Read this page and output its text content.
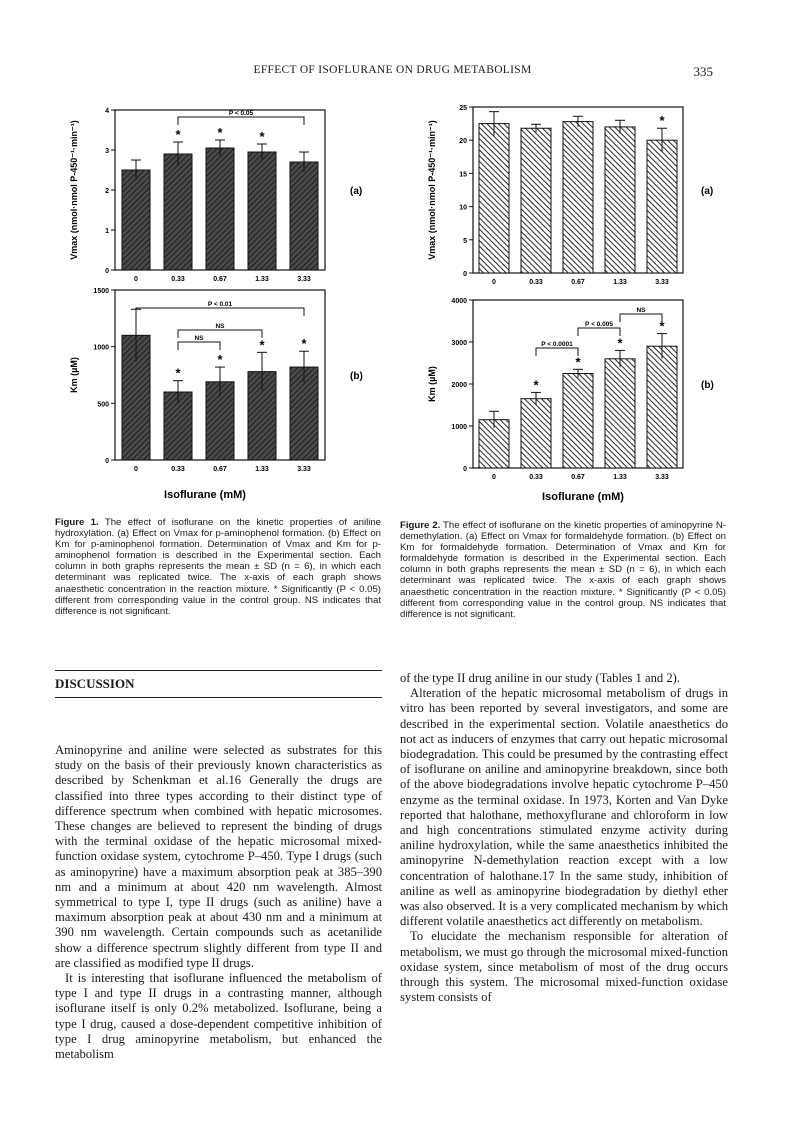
EFFECT OF ISOFLURANE ON DRUG METABOLISM	335
0
1
2
3
4
Vmax (nmol·nmol P-450⁻¹·min⁻¹)
0
*
0.33
*
0.67
*
1.33	3.33
(a)
P < 0.05
0
500
1000
1500
Km (µM)
0
*
0.33
*
0.67
*
1.33
*
3.33
(b)
P < 0.01
NS
NS
Isoflurane (mM)
0
5
10
15
20
25
Vmax (nmol·nmol P-450⁻¹·min⁻¹)
0	0.33	0.67	1.33
*
3.33
(a)
0
1000
2000
3000
4000
Km (µM)
0
*
0.33
*
0.67
*
1.33
*
3.33
(b)
NS
P < 0.005
P < 0.0001
Isoflurane (mM)
Figure 1. The effect of isoflurane on the kinetic properties of aniline hydroxylation. (a) Effect on Vmax for p-aminophenol formation. (b) Effect on Km for p-aminophenol formation. Determination of Vmax and Km for p-aminophenol formation is described in the Experimental section. Each column in both graphs represents the mean ± SD (n = 6), in which each determinant was replicated twice. The x-axis of each graph shows anaesthetic concentration in the reaction mixture. * Significantly (P < 0.05) different from corresponding value in the control group. NS indicates that difference is not significant.
Figure 2. The effect of isoflurane on the kinetic properties of aminopyrine N-demethylation. (a) Effect on Vmax for formaldehyde formation. (b) Effect on Km for formaldehyde formation. Determination of Vmax and Km for formaldehyde formation is described in the Experimental section. Each column in both graphs represents the mean ± SD (n = 6), in which each determinant was replicated twice. The x-axis of each graph shows anaesthetic concentration in the reaction mixture. * Significantly (P < 0.05) different from corresponding value in the control group. NS indicates that difference is not significant.
DISCUSSION

Aminopyrine and aniline were selected as substrates for this study on the basis of their previously known characteristics as described by Schenkman et al.16 Generally the drugs are classified into three types according to their distinct type of difference spectrum when combined with hepatic microsomes. These changes are believed to represent the binding of drugs with the terminal oxidase of the hepatic microsomal mixed-function oxidase system, cytochrome P–450. Type I drugs (such as aminopyrine) have a maximum absorption peak at 385–390 nm and a minimum at about 420 nm wavelength. Almost symmetrical to type I, type II drugs (such as aniline) have a maximum absorption peak at about 430 nm and a minimum at 390 nm wavelength. Certain compounds such as acetanilide show a difference spectrum slightly different from type II and are classified as modified type II drugs.

It is interesting that isoflurane influenced the metabolism of type I and type II drugs in a contrasting manner, although isoflurane itself is only 0.2% metabolized. Isoflurane, being a type I drug, caused a dose-dependent competitive inhibition of type I drug aminopyrine metabolism, but enhanced the metabolism

of the type II drug aniline in our study (Tables 1 and 2).

Alteration of the hepatic microsomal metabolism of drugs in vitro has been reported by several investigators, and some are described in the experimental section. Volatile anaesthetics do not act as inducers of enzymes that carry out hepatic microsomal biodegradation. This could be presumed by the contrasting effect of isoflurane on aniline and aminopyrine breakdown, since both of the above biodegradations involve hepatic cytochrome P–450 enzyme as the terminal oxidase. In 1973, Korten and Van Dyke reported that halothane, methoxyflurane and chloroform in low and high concentrations stimulated enzyme activity during aniline hydroxylation, while the same anaesthetics inhibited the aminopyrine N-demethylation reaction except with a low concentration of halothane.17 In the same study, inhibition of aniline as well as aminopyrine biodegradation by diethyl ether was also observed. It is a very complicated mechanism by which different volatile anaesthetics act differently on metabolism.

To elucidate the mechanism responsible for alteration of metabolism, we must go through the microsomal mixed-function oxidase system, since metabolism of most of the drug occurs through this system. The microsomal mixed-function oxidase system consists of
